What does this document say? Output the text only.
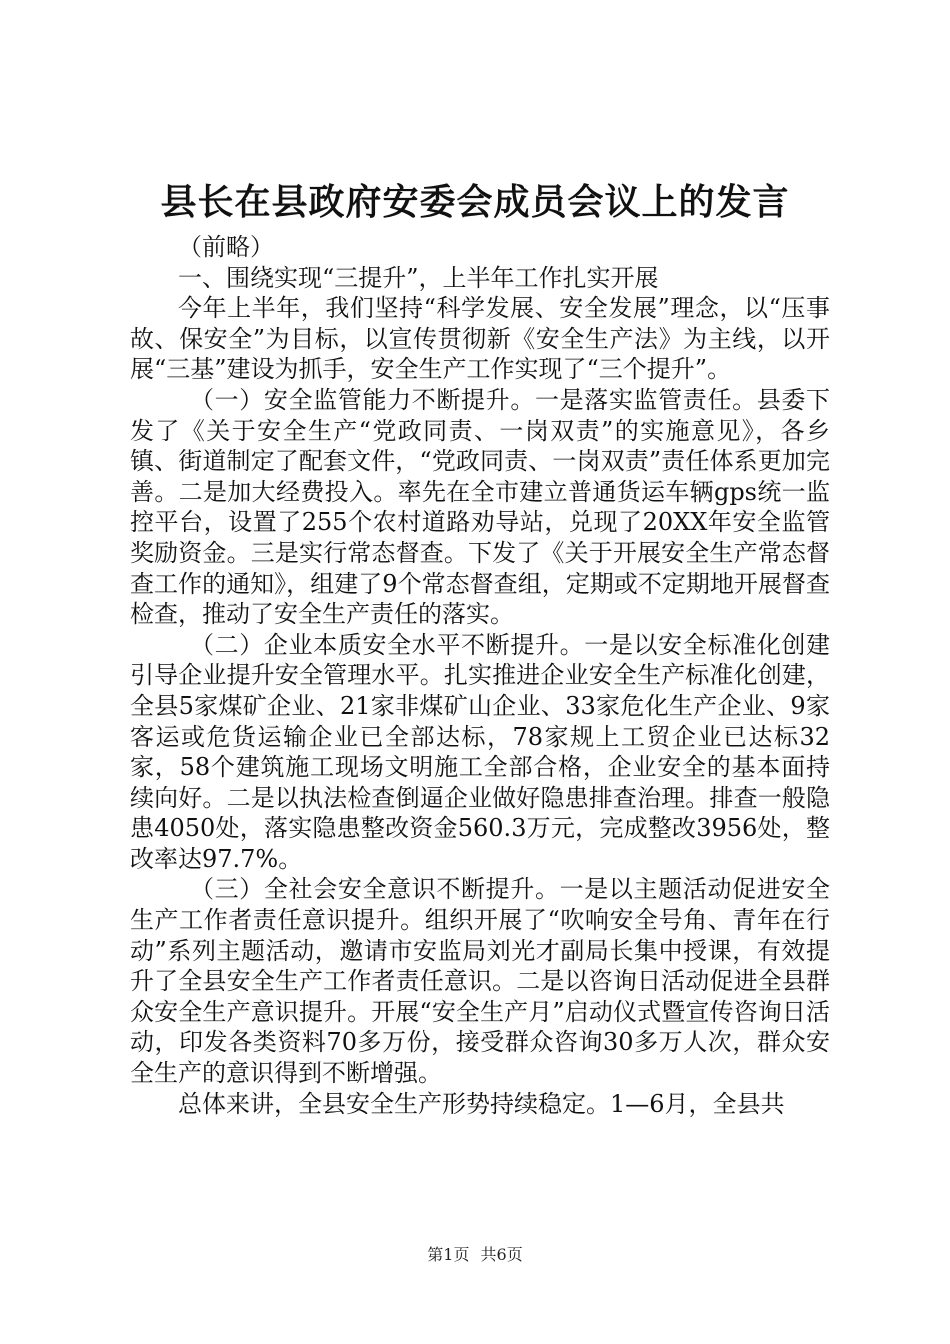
县长在县政府安委会成员会议上的发言

（前略）

一、围绕实现“三提升”，上半年工作扎实开展

今年上半年，我们坚持“科学发展、安全发展”理念，以“压事故、保安全”为目标，以宣传贯彻新《安全生产法》为主线，以开展“三基”建设为抓手，安全生产工作实现了“三个提升”。

（一）安全监管能力不断提升。一是落实监管责任。县委下发了《关于安全生产“党政同责、一岗双责”的实施意见》，各乡镇、街道制定了配套文件，“党政同责、一岗双责”责任体系更加完善。二是加大经费投入。率先在全市建立普通货运车辆gps统一监控平台，设置了255个农村道路劝导站，兑现了20XX年安全监管奖励资金。三是实行常态督查。下发了《关于开展安全生产常态督查工作的通知》，组建了9个常态督查组，定期或不定期地开展督查检查，推动了安全生产责任的落实。

（二）企业本质安全水平不断提升。一是以安全标准化创建引导企业提升安全管理水平。扎实推进企业安全生产标准化创建，全县5家煤矿企业、21家非煤矿山企业、33家危化生产企业、9家客运或危货运输企业已全部达标，78家规上工贸企业已达标32家，58个建筑施工现场文明施工全部合格，企业安全的基本面持续向好。二是以执法检查倒逼企业做好隐患排查治理。排查一般隐患4050处，落实隐患整改资金560.3万元，完成整改3956处，整改率达97.7%。

（三）全社会安全意识不断提升。一是以主题活动促进安全生产工作者责任意识提升。组织开展了“吹响安全号角、青年在行动”系列主题活动，邀请市安监局刘光才副局长集中授课，有效提升了全县安全生产工作者责任意识。二是以咨询日活动促进全县群众安全生产意识提升。开展“安全生产月”启动仪式暨宣传咨询日活动，印发各类资料70多万份，接受群众咨询30多万人次，群众安全生产的意识得到不断增强。

总体来讲，全县安全生产形势持续稳定。1—6月，全县共

第1页 共6页
